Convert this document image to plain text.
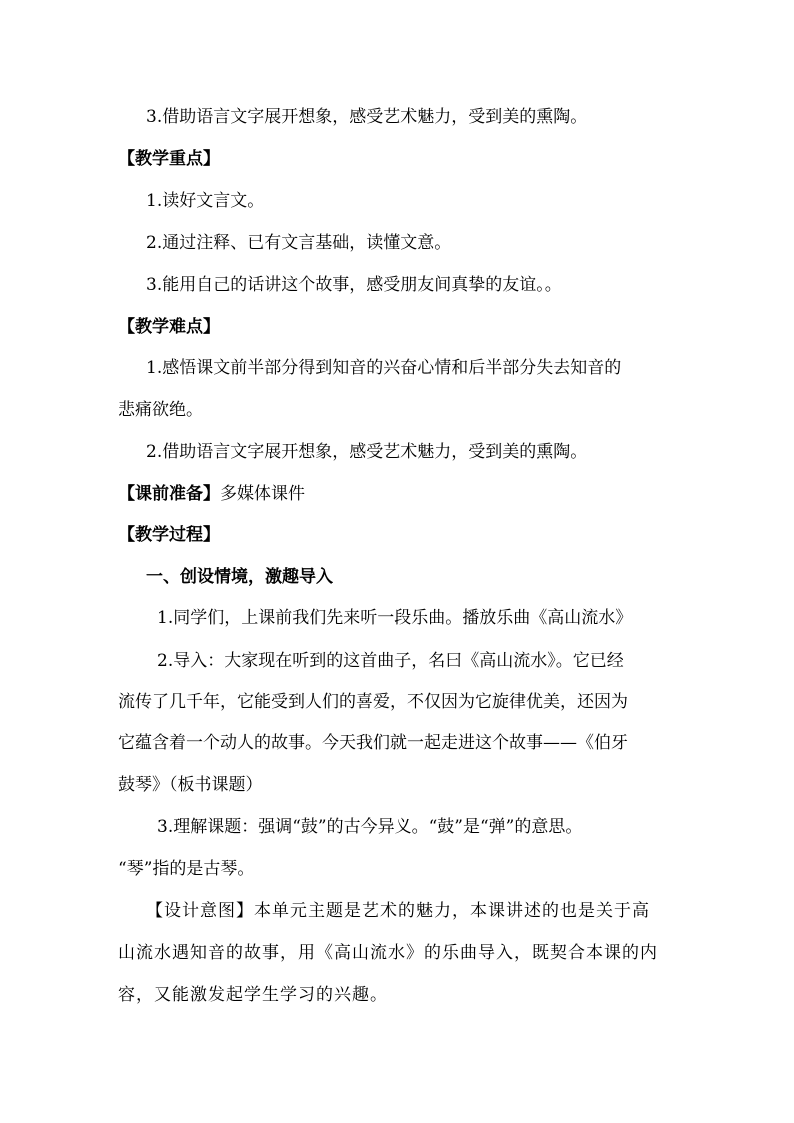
3.借助语言文字展开想象，感受艺术魅力，受到美的熏陶。
【教学重点】
1.读好文言文。
2.通过注释、已有文言基础，读懂文意。
3.能用自己的话讲这个故事，感受朋友间真挚的友谊。。
【教学难点】
1.感悟课文前半部分得到知音的兴奋心情和后半部分失去知音的
悲痛欲绝。
2.借助语言文字展开想象，感受艺术魅力，受到美的熏陶。
【课前准备】多媒体课件
【教学过程】
一、创设情境，激趣导入
1.同学们，上课前我们先来听一段乐曲。播放乐曲《高山流水》
2.导入：大家现在听到的这首曲子，名曰《高山流水》。它已经
流传了几千年，它能受到人们的喜爱，不仅因为它旋律优美，还因为
它蕴含着一个动人的故事。今天我们就一起走进这个故事——《伯牙
鼓琴》（板书课题）
3.理解课题：强调“鼓”的古今异义。“鼓”是“弹”的意思。
“琴”指的是古琴。
【设计意图】本单元主题是艺术的魅力，本课讲述的也是关于高
山流水遇知音的故事，用《高山流水》的乐曲导入，既契合本课的内
容，又能激发起学生学习的兴趣。
